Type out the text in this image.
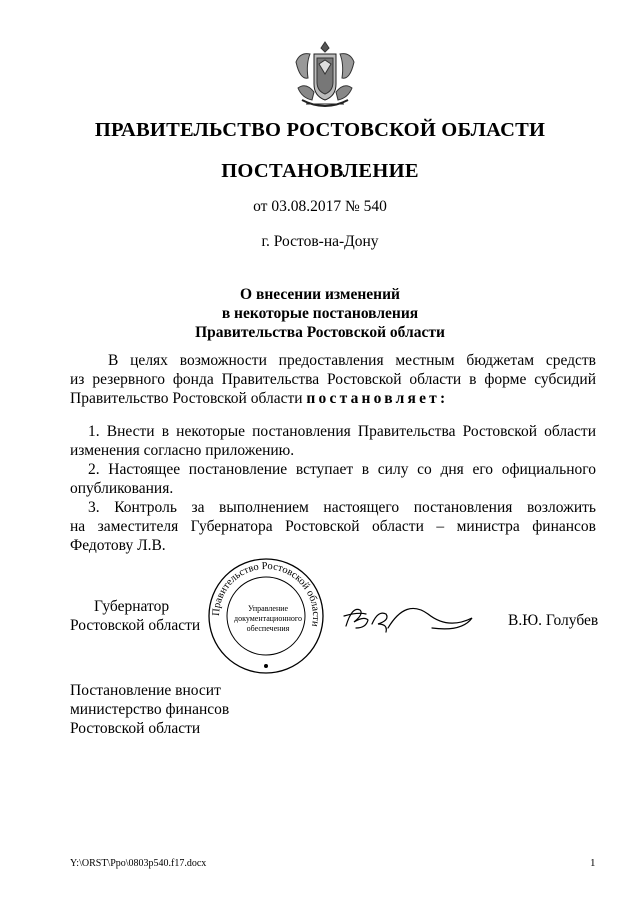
ПРАВИТЕЛЬСТВО РОСТОВСКОЙ ОБЛАСТИ
ПОСТАНОВЛЕНИЕ
от 03.08.2017 № 540
г. Ростов-на-Дону
О внесении изменений
в некоторые постановления
Правительства Ростовской области
В целях возможности предоставления местным бюджетам средств
из резервного фонда Правительства Ростовской области в форме субсидий
Правительство Ростовской области постановляет:
1. Внести в некоторые постановления Правительства Ростовской области
изменения согласно приложению.
2. Настоящее постановление вступает в силу со дня его официального
опубликования.
3. Контроль за выполнением настоящего постановления возложить
на заместителя Губернатора Ростовской области – министра финансов
Федотову Л.В.
Губернатор
Ростовской области
Правительство Ростовской области
Управление
документационного
обеспечения	В.Ю. Голубев
Постановление вносит
министерство финансов
Ростовской области
Y:\ORST\Ppo\0803p540.f17.docx	1
